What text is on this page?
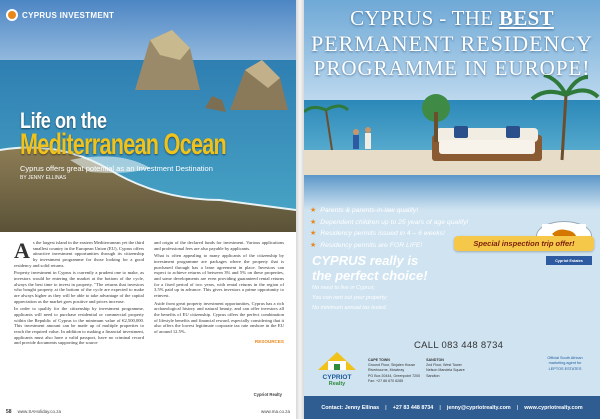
CYPRUS INVESTMENT
Life on the
Mediterranean Ocean
Cyprus offers great potential as an Investment Destination
BY JENNY ELLINAS
A s the largest island in the eastern Mediterranean yet the third smallest country in the European Union (EU), Cyprus offers attractive investment opportunities through its citizenship by investment programme for those looking for a good residency and solid returns.

Property investment in Cyprus is currently a prudent one to make, as investors would be entering the market at the bottom of the cycle, always the best time to invest in property. "The returns that investors who bought property at the bottom of the cycle are expected to make are always higher as they will be able to take advantage of the capital appreciation as the market goes positive and prices increase.

In order to qualify for the citizenship by investment programme, applicants will need to purchase residential or commercial property within the Republic of Cyprus to the minimum value of €2,500,000. This investment amount can be made up of multiple properties to reach the required value. In addition to making a financial investment, applicants must also have a valid passport, have no criminal record and provide documents supporting the source

and origin of the declared funds for investment. Various applications and professional fees are also payable by applicants.

What is often appealing to many applicants of the citizenship by investment programme are packages where the property that is purchased through has a lease agreement in place. Investors can expect to achieve returns of between 3% and 5% on these properties, and some developments are even providing guaranteed rental returns for a fixed period of two years, with rental returns in the region of 3.5% paid up in advance. This gives investors a prime opportunity to reinvest.

Aside from great property investment opportunities, Cyprus has a rich archaeological history and natural beauty, and can offer investors all the benefits of EU citizenship. Cyprus offers the perfect combination of lifestyle benefits and financial reward, especially considering that it also offers the lowest legitimate corporate tax rate onshore in the EU of around 12.5%.

RESOURCES
Cypriot Realty
58 www.SAHoliday.co.za	www.ma.co.za
CYPRUS - THE BEST
PERMANENT RESIDENCY
PROGRAMME IN EUROPE!
★ Parents & parents-in-law qualify!
★ Dependent children up to 25 years of age qualify!
★ Residency permits issued in 4 – 6 weeks!
★ Residency permits are FOR LIFE!
Cypriot Estates
Special inspection trip offer!
CYPRUS really is
the perfect choice!
No need to live in Cyprus;
You can rent out your property;
No minimum annual tax levied.
CYPRIOT
Realty
CALL 083 448 8734
CAPE TOWN
Ground Floor, Sinjalen House
Riverbourne, Mowbray
PO Box 20444, Greenpoint 7200
Fax: +27 86 670 6285
SANDTON
2nd Floor, West Tower
Nelson Mandela Square
Sandton
Official South African
marketing agent for
LEPTOS ESTATES
Contact: Jenny Ellinas | +27 83 448 8734 | jenny@cypriotrealty.com | www.cypriotrealty.com
